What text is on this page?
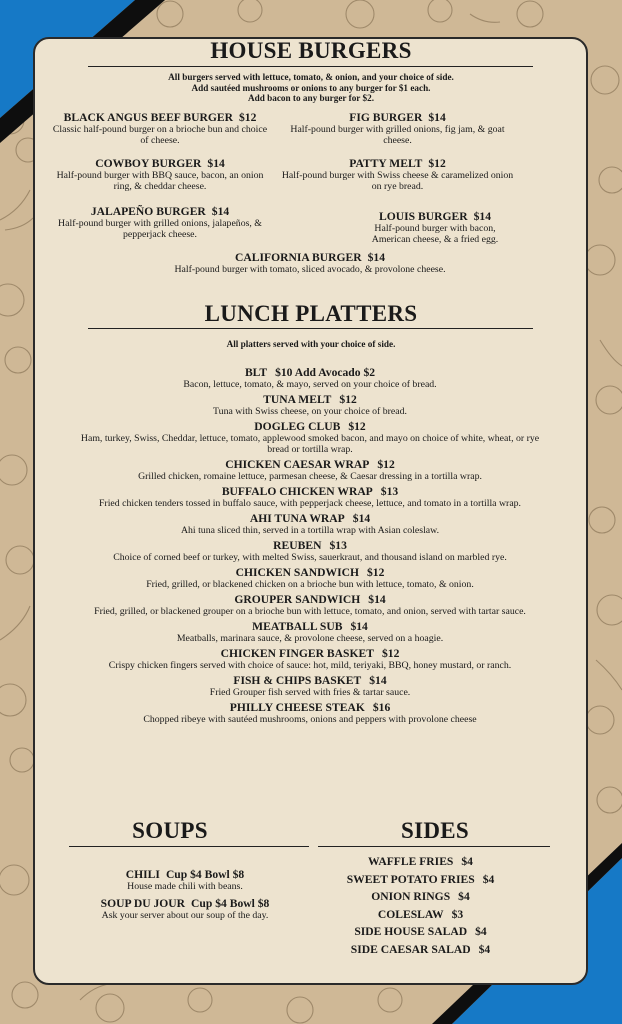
HOUSE BURGERS
All burgers served with lettuce, tomato, & onion, and your choice of side.
Add sautéed mushrooms or onions to any burger for $1 each.
Add bacon to any burger for $2.
BLACK ANGUS BEEF BURGER $12
Classic half-pound burger on a brioche bun and choice of cheese.
FIG BURGER $14
Half-pound burger with grilled onions, fig jam, & goat cheese.
COWBOY BURGER $14
Half-pound burger with BBQ sauce, bacon, an onion ring, & cheddar cheese.
PATTY MELT $12
Half-pound burger with Swiss cheese & caramelized onion on rye bread.
JALAPEÑO BURGER $14
Half-pound burger with grilled onions, jalapeños, & pepperjack cheese.
LOUIS BURGER $14
Half-pound burger with bacon, American cheese, & a fried egg.
CALIFORNIA BURGER $14
Half-pound burger with tomato, sliced avocado, & provolone cheese.
LUNCH PLATTERS
All platters served with your choice of side.
BLT $10 Add Avocado $2
Bacon, lettuce, tomato, & mayo, served on your choice of bread.
TUNA MELT $12
Tuna with Swiss cheese, on your choice of bread.
DOGLEG CLUB $12
Ham, turkey, Swiss, Cheddar, lettuce, tomato, applewood smoked bacon, and mayo on choice of white, wheat, or rye bread or tortilla wrap.
CHICKEN CAESAR WRAP $12
Grilled chicken, romaine lettuce, parmesan cheese, & Caesar dressing in a tortilla wrap.
BUFFALO CHICKEN WRAP $13
Fried chicken tenders tossed in buffalo sauce, with pepperjack cheese, lettuce, and tomato in a tortilla wrap.
AHI TUNA WRAP $14
Ahi tuna sliced thin, served in a tortilla wrap with Asian coleslaw.
REUBEN $13
Choice of corned beef or turkey, with melted Swiss, sauerkraut, and thousand island on marbled rye.
CHICKEN SANDWICH $12
Fried, grilled, or blackened chicken on a brioche bun with lettuce, tomato, & onion.
GROUPER SANDWICH $14
Fried, grilled, or blackened grouper on a brioche bun with lettuce, tomato, and onion, served with tartar sauce.
MEATBALL SUB $14
Meatballs, marinara sauce, & provolone cheese, served on a hoagie.
CHICKEN FINGER BASKET $12
Crispy chicken fingers served with choice of sauce: hot, mild, teriyaki, BBQ, honey mustard, or ranch.
FISH & CHIPS BASKET $14
Fried Grouper fish served with fries & tartar sauce.
PHILLY CHEESE STEAK $16
Chopped ribeye with sautéed mushrooms, onions and peppers with provolone cheese
SOUPS	SIDES
CHILI Cup $4 Bowl $8
House made chili with beans.
SOUP DU JOUR Cup $4 Bowl $8
Ask your server about our soup of the day.
WAFFLE FRIES $4
SWEET POTATO FRIES $4
ONION RINGS $4
COLESLAW $3
SIDE HOUSE SALAD $4
SIDE CAESAR SALAD $4
